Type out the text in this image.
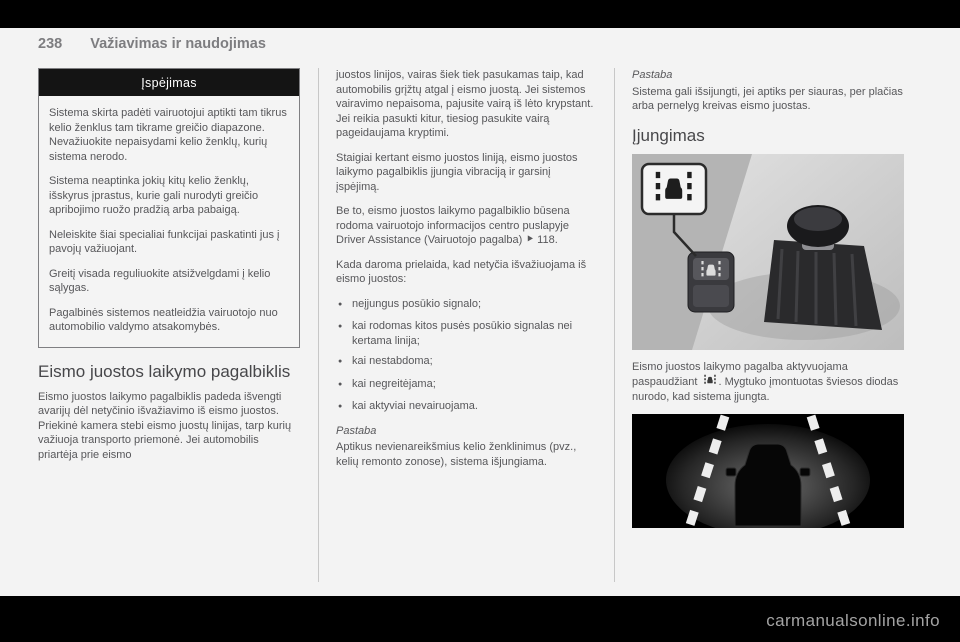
238 Važiavimas ir naudojimas
Įspėjimas

Sistema skirta padėti vairuotojui aptikti tam tikrus kelio ženklus tam tikrame greičio diapazone. Nevažiuokite nepaisydami kelio ženklų, kurių sistema nerodo.

Sistema neaptinka jokių kitų kelio ženklų, išskyrus įprastus, kurie gali nurodyti greičio apribojimo ruožo pradžią arba pabaigą.

Neleiskite šiai specialiai funkcijai paskatinti jus į pavojų važiuojant.

Greitį visada reguliuokite atsižvelgdami į kelio sąlygas.

Pagalbinės sistemos neatleidžia vairuotojo nuo automobilio valdymo atsakomybės.

Eismo juostos laikymo pagalbiklis

Eismo juostos laikymo pagalbiklis padeda išvengti avarijų dėl netyčinio išvažiavimo iš eismo juostos. Priekinė kamera stebi eismo juostų linijas, tarp kurių važiuoja transporto priemonė. Jei automobilis priartėja prie eismo

juostos linijos, vairas šiek tiek pasukamas taip, kad automobilis grįžtų atgal į eismo juostą. Jei sistemos vairavimo nepaisoma, pajusite vairą iš lėto krypstant. Jei reikia pasukti kitur, tiesiog pasukite vairą pageidaujama kryptimi.

Staigiai kertant eismo juostos liniją, eismo juostos laikymo pagalbiklis įjungia vibraciją ir garsinį įspėjimą.

Be to, eismo juostos laikymo pagalbiklio būsena rodoma vairuotojo informacijos centro puslapyje Driver Assistance (Vairuotojo pagalba) ⯈ 118.

Kada daroma prielaida, kad netyčia išvažiuojama iš eismo juostos:

●
neįjungus posūkio signalo;
●
kai rodomas kitos pusės posūkio signalas nei kertama linija;
●
kai nestabdoma;
●
kai negreitėjama;
●
kai aktyviai nevairuojama.

Pastaba

Aptikus nevienareikšmius kelio ženklinimus (pvz., kelių remonto zonose), sistema išjungiama.

Pastaba

Sistema gali išsijungti, jei aptiks per siauras, per plačias arba pernelyg kreivas eismo juostas.

Įjungimas

Eismo juostos laikymo pagalba aktyvuojama paspaudžiant . Mygtuko įmontuotas šviesos diodas nurodo, kad sistema įjungta.

carmanualsonline.info
